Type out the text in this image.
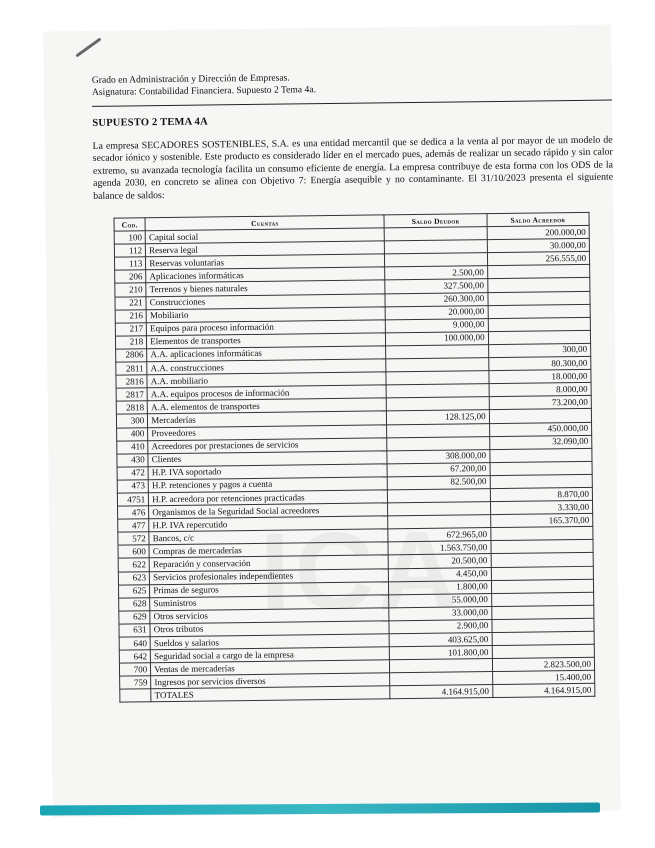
Grado en Administración y Dirección de Empresas.
Asignatura: Contabilidad Financiera. Supuesto 2 Tema 4a.
SUPUESTO 2 TEMA 4A
La empresa SECADORES SOSTENIBLES, S.A. es una entidad mercantil que se dedica a la venta al por mayor de un modelo de secador iónico y sostenible. Este producto es considerado líder en el mercado pues, además de realizar un secado rápido y sin calor extremo, su avanzada tecnología facilita un consumo eficiente de energía. La empresa contribuye de esta forma con los ODS de la agenda 2030, en concreto se alinea con Objetivo 7: Energía asequible y no contaminante. El 31/10/2023 presenta el siguiente balance de saldos:
Cod.	Cuentas	Saldo Deudor	Saldo Acreedor
100	Capital social		200.000,00
112	Reserva legal		30.000,00
113	Reservas voluntarias		256.555,00
206	Aplicaciones informáticas	2.500,00	
210	Terrenos y bienes naturales	327.500,00	
221	Construcciones	260.300,00	
216	Mobiliario	20.000,00	
217	Equipos para proceso información	9.000,00	
218	Elementos de transportes	100.000,00	
2806	A.A. aplicaciones informáticas		300,00
2811	A.A. construcciones		80.300,00
2816	A.A. mobiliario		18.000,00
2817	A.A. equipos procesos de información		8.000,00
2818	A.A. elementos de transportes		73.200,00
300	Mercaderías	128.125,00	
400	Proveedores		450.000,00
410	Acreedores por prestaciones de servicios		32.090,00
430	Clientes	308.000,00	
472	H.P. IVA soportado	67.200,00	
473	H.P. retenciones y pagos a cuenta	82.500,00	
4751	H.P. acreedora por retenciones practicadas		8.870,00
476	Organismos de la Seguridad Social acreedores		3.330,00
477	H.P. IVA repercutido		165.370,00
572	Bancos, c/c	672.965,00	
600	Compras de mercaderías	1.563.750,00	
622	Reparación y conservación	20.500,00	
623	Servicios profesionales independientes	4.450,00	
625	Primas de seguros	1.800,00	
628	Suministros	55.000,00	
629	Otros servicios	33.000,00	
631	Otros tributos	2.900,00	
640	Sueldos y salarios	403.625,00	
642	Seguridad social a cargo de la empresa	101.800,00	
700	Ventas de mercaderías		2.823.500,00
759	Ingresos por servicios diversos		15.400,00
	TOTALES	4.164.915,00	4.164.915,00
